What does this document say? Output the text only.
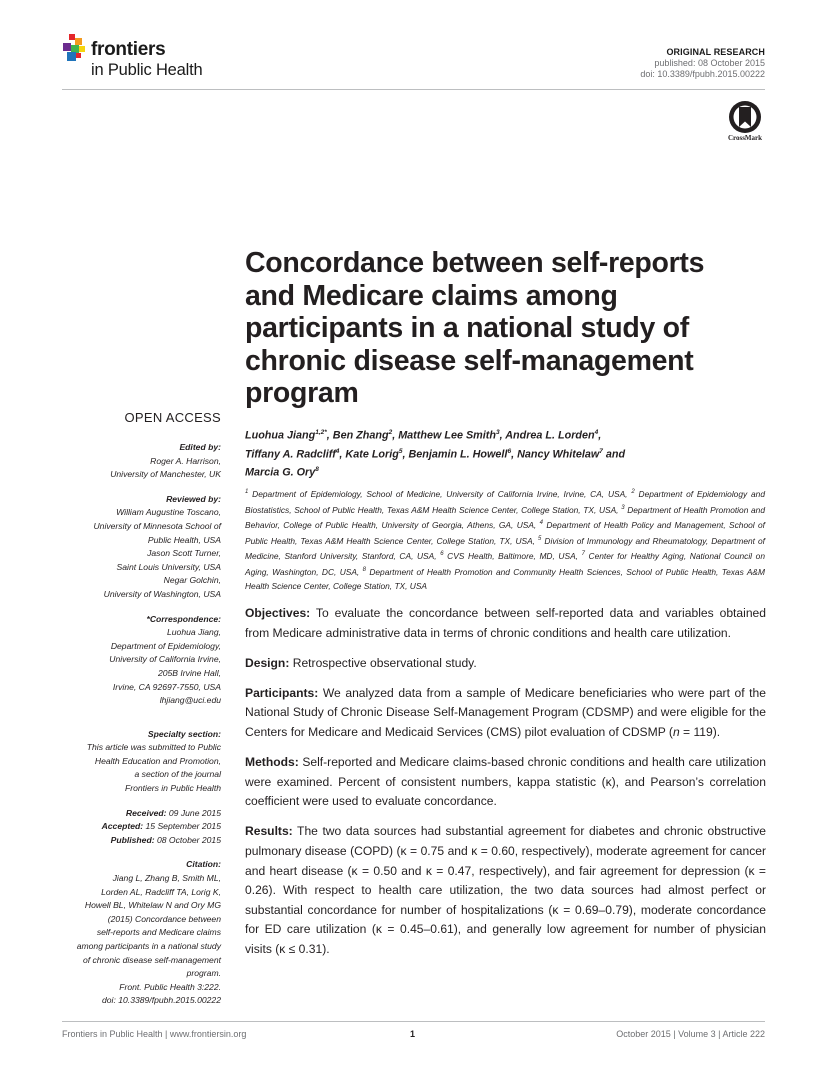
frontiers
in Public Health
ORIGINAL RESEARCH
published: 08 October 2015
doi: 10.3389/fpubh.2015.00222
CrossMark
Concordance between self-reports
and Medicare claims among
participants in a national study of
chronic disease self-management
program
OPEN ACCESS
Edited by:
Roger A. Harrison,
University of Manchester, UK
Reviewed by:
William Augustine Toscano,
University of Minnesota School of
Public Health, USA
Jason Scott Turner,
Saint Louis University, USA
Negar Golchin,
University of Washington, USA
*Correspondence:
Luohua Jiang,
Department of Epidemiology,
University of California Irvine,
205B Irvine Hall,
Irvine, CA 92697-7550, USA
lhjiang@uci.edu
Specialty section:
This article was submitted to Public
Health Education and Promotion,
a section of the journal
Frontiers in Public Health
Received: 09 June 2015
Accepted: 15 September 2015
Published: 08 October 2015
Citation:
Jiang L, Zhang B, Smith ML,
Lorden AL, Radcliff TA, Lorig K,
Howell BL, Whitelaw N and Ory MG
(2015) Concordance between
self-reports and Medicare claims
among participants in a national study
of chronic disease self-management
program.
Front. Public Health 3:222.
doi: 10.3389/fpubh.2015.00222
Luohua Jiang$^{1,2*}$, Ben Zhang$^2$, Matthew Lee Smith$^3$, Andrea L. Lorden$^4$,
Tiffany A. Radcliff$^4$, Kate Lorig$^5$, Benjamin L. Howell$^6$, Nancy Whitelaw$^7$ and
Marcia G. Ory$^8$
$^1$ Department of Epidemiology, School of Medicine, University of California Irvine, Irvine, CA, USA, $^2$ Department of Epidemiology and Biostatistics, School of Public Health, Texas A&M Health Science Center, College Station, TX, USA, $^3$ Department of Health Promotion and Behavior, College of Public Health, University of Georgia, Athens, GA, USA, $^4$ Department of Health Policy and Management, School of Public Health, Texas A&M Health Science Center, College Station, TX, USA, $^5$ Division of Immunology and Rheumatology, Department of Medicine, Stanford University, Stanford, CA, USA, $^6$ CVS Health, Baltimore, MD, USA, $^7$ Center for Healthy Aging, National Council on Aging, Washington, DC, USA, $^8$ Department of Health Promotion and Community Health Sciences, School of Public Health, Texas A&M Health Science Center, College Station, TX, USA

Objectives: To evaluate the concordance between self-reported data and variables obtained from Medicare administrative data in terms of chronic conditions and health care utilization.

Design: Retrospective observational study.

Participants: We analyzed data from a sample of Medicare beneficiaries who were part of the National Study of Chronic Disease Self-Management Program (CDSMP) and were eligible for the Centers for Medicare and Medicaid Services (CMS) pilot evaluation of CDSMP (n = 119).

Methods: Self-reported and Medicare claims-based chronic conditions and health care utilization were examined. Percent of consistent numbers, kappa statistic (κ), and Pearson’s correlation coefficient were used to evaluate concordance.

Results: The two data sources had substantial agreement for diabetes and chronic obstructive pulmonary disease (COPD) (κ = 0.75 and κ = 0.60, respectively), moderate agreement for cancer and heart disease (κ = 0.50 and κ = 0.47, respectively), and fair agreement for depression (κ = 0.26). With respect to health care utilization, the two data sources had almost perfect or substantial concordance for number of hospitalizations (κ = 0.69–0.79), moderate concordance for ED care utilization (κ = 0.45–0.61), and generally low agreement for number of physician visits (κ ≤ 0.31).

Frontiers in Public Health | www.frontiersin.org	1	October 2015 | Volume 3 | Article 222
